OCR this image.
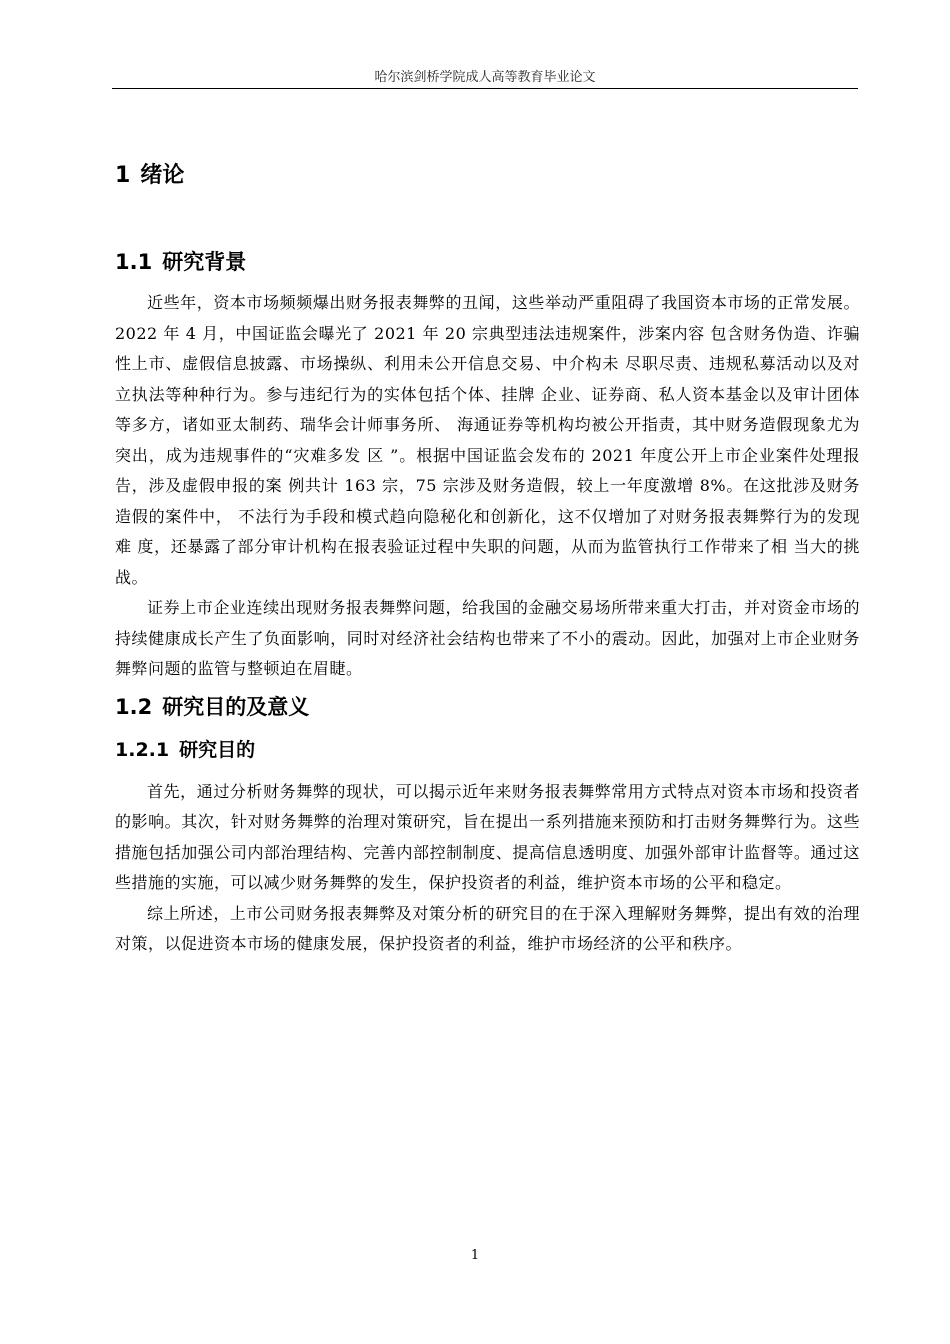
哈尔滨剑桥学院成人高等教育毕业论文
1 绪论
1.1 研究背景

近些年，资本市场频频爆出财务报表舞弊的丑闻，这些举动严重阻碍了我国资本市场的正常发展。2022 年 4 月，中国证监会曝光了 2021 年 20 宗典型违法违规案件，涉案内容 包含财务伪造、诈骗性上市、虚假信息披露、市场操纵、利用未公开信息交易、中介构未 尽职尽责、违规私募活动以及对立执法等种种行为。参与违纪行为的实体包括个体、挂牌 企业、证券商、私人资本基金以及审计团体等多方，诸如亚太制药、瑞华会计师事务所、 海通证券等机构均被公开指责，其中财务造假现象尤为突出，成为违规事件的“灾难多发 区 ”。根据中国证监会发布的 2021 年度公开上市企业案件处理报告，涉及虚假申报的案 例共计 163 宗，75 宗涉及财务造假，较上一年度激增 8%。在这批涉及财务造假的案件中， 不法行为手段和模式趋向隐秘化和创新化，这不仅增加了对财务报表舞弊行为的发现难 度，还暴露了部分审计机构在报表验证过程中失职的问题，从而为监管执行工作带来了相 当大的挑战。

证券上市企业连续出现财务报表舞弊问题，给我国的金融交易场所带来重大打击，并对资金市场的持续健康成长产生了负面影响，同时对经济社会结构也带来了不小的震动。因此，加强对上市企业财务舞弊问题的监管与整顿迫在眉睫。

1.2 研究目的及意义
1.2.1 研究目的

首先，通过分析财务舞弊的现状，可以揭示近年来财务报表舞弊常用方式特点对资本市场和投资者的影响。其次，针对财务舞弊的治理对策研究，旨在提出一系列措施来预防和打击财务舞弊行为。这些措施包括加强公司内部治理结构、完善内部控制制度、提高信息透明度、加强外部审计监督等。通过这些措施的实施，可以减少财务舞弊的发生，保护投资者的利益，维护资本市场的公平和稳定。

综上所述，上市公司财务报表舞弊及对策分析的研究目的在于深入理解财务舞弊，提出有效的治理对策，以促进资本市场的健康发展，保护投资者的利益，维护市场经济的公平和秩序。

1
